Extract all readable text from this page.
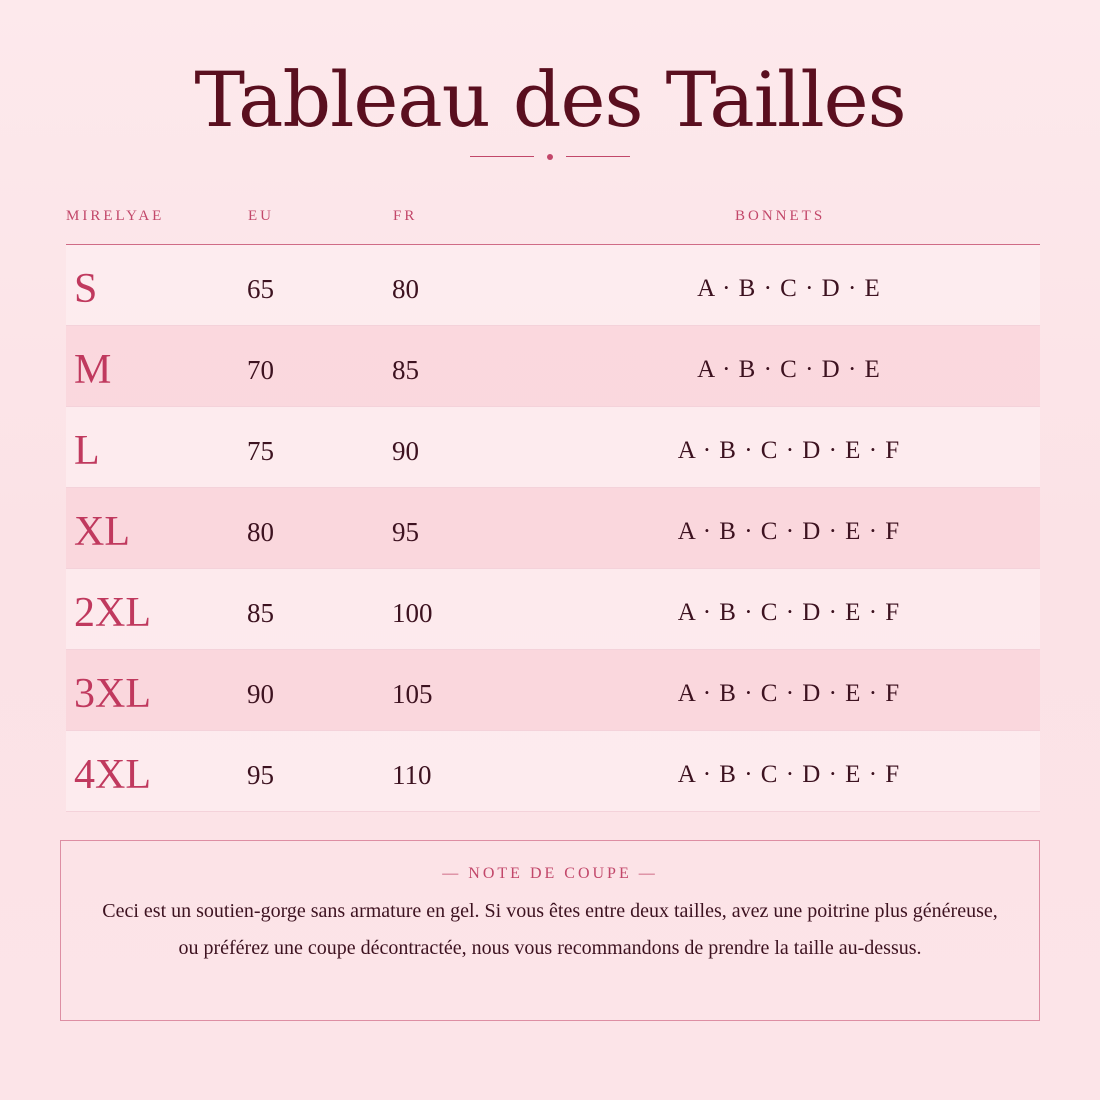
Tableau des Tailles
MIRELYAE	EU	FR	BONNETS
S	65	80	A · B · C · D · E
M	70	85	A · B · C · D · E
L	75	90	A · B · C · D · E · F
XL	80	95	A · B · C · D · E · F
2XL	85	100	A · B · C · D · E · F
3XL	90	105	A · B · C · D · E · F
4XL	95	110	A · B · C · D · E · F
— NOTE DE COUPE —
Ceci est un soutien-gorge sans armature en gel. Si vous êtes entre deux tailles, avez une poitrine plus généreuse, ou préférez une coupe décontractée, nous vous recommandons de prendre la taille au-dessus.
